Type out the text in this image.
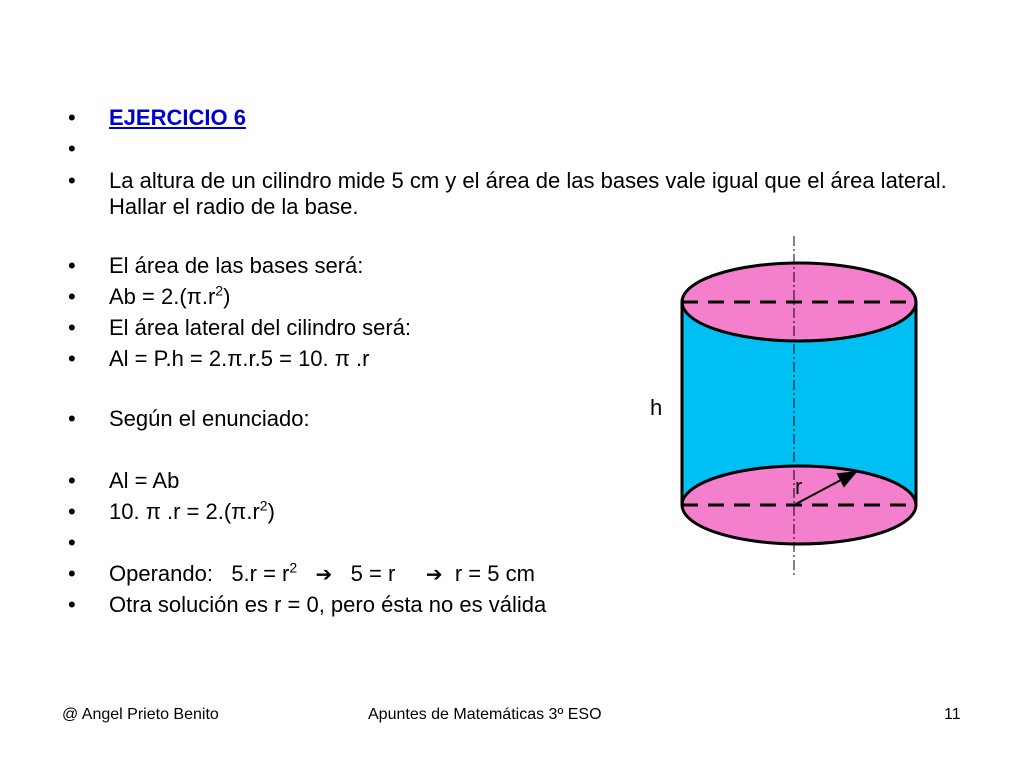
•	EJERCICIO 6
•
•	La altura de un cilindro mide 5 cm y el área de las bases vale igual que el área lateral. Hallar el radio de la base.
•	El área de las bases será:
•	$Ab = 2.(\pi.r^2)$
•	El área lateral del cilindro será:
•	Al = P.h = 2.π.r.5 = 10. π .r
•	Según el enunciado:
•	Al = Ab
•	10. π $.r = 2.(\pi.r^2)$
•
•	Operando: $5.r = r^2$ ➔ 5 = r ➔ r = 5 cm
•	Otra solución es r = 0, pero ésta no es válida
h
r
@ Angel Prieto Benito	Apuntes de Matemáticas 3º ESO	11
